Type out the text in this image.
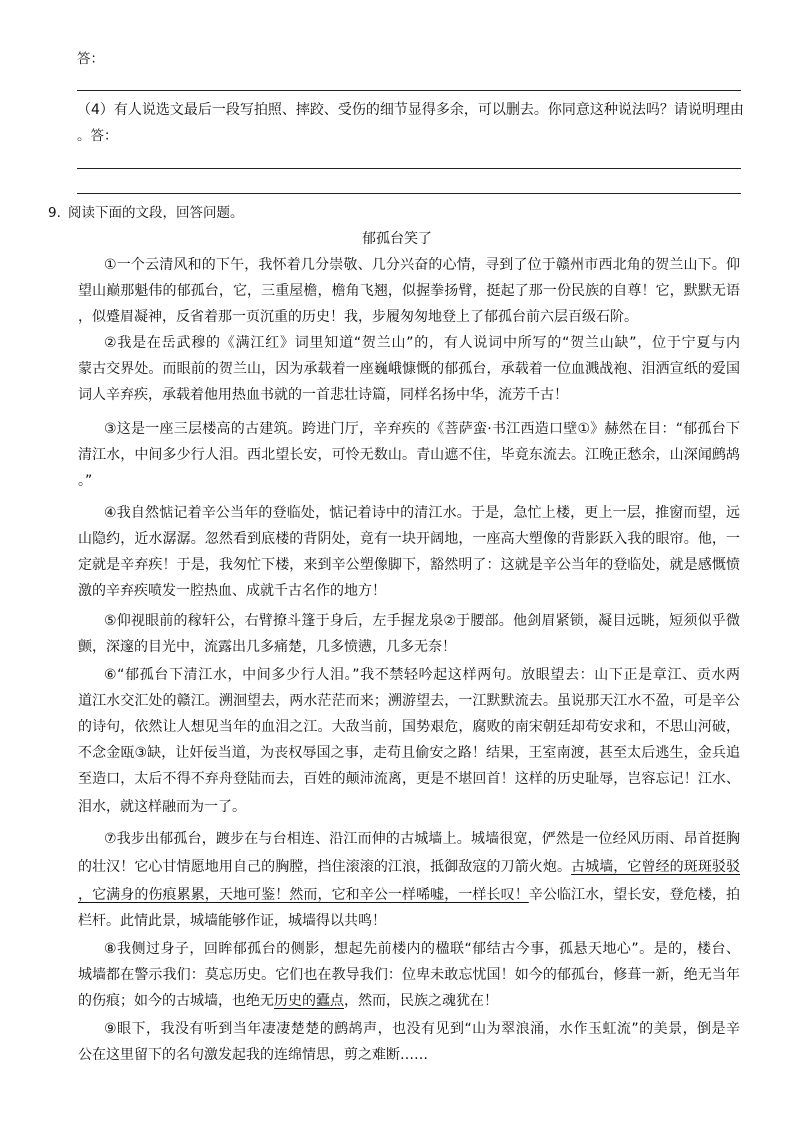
答：
（4）有人说选文最后一段写拍照、摔跤、受伤的细节显得多余，可以删去。你同意这种说法吗？请说明理由
。答：
9. 阅读下面的文段，回答问题。
郁孤台笑了
①一个云清风和的下午，我怀着几分崇敬、几分兴奋的心情，寻到了位于赣州市西北角的贺兰山下。仰
望山巅那魁伟的郁孤台，它，三重屋檐，檐角飞翘，似握拳扬臂，挺起了那一份民族的自尊！它，默默无语
，似蹙眉凝神，反省着那一页沉重的历史！我，步履匆匆地登上了郁孤台前六层百级石阶。
②我是在岳武穆的《满江红》词里知道“贺兰山”的，有人说词中所写的“贺兰山缺”，位于宁夏与内
蒙古交界处。而眼前的贺兰山，因为承载着一座巍峨慷慨的郁孤台，承载着一位血溅战袍、泪洒宣纸的爱国
词人辛弃疾，承载着他用热血书就的一首悲壮诗篇，同样名扬中华，流芳千古！
③这是一座三层楼高的古建筑。跨进门厅，辛弃疾的《菩萨蛮·书江西造口壁①》赫然在目：“郁孤台下
清江水，中间多少行人泪。西北望长安，可怜无数山。青山遮不住，毕竟东流去。江晚正愁余，山深闻鹧鸪
。”
④我自然惦记着辛公当年的登临处，惦记着诗中的清江水。于是，急忙上楼，更上一层，推窗而望，远
山隐约，近水潺潺。忽然看到底楼的背阴处，竟有一块开阔地，一座高大塑像的背影跃入我的眼帘。他，一
定就是辛弃疾！于是，我匆忙下楼，来到辛公塑像脚下，豁然明了：这就是辛公当年的登临处，就是感慨愤
激的辛弃疾喷发一腔热血、成就千古名作的地方！
⑤仰视眼前的稼轩公，右臂撩斗篷于身后，左手握龙泉②于腰部。他剑眉紧锁，凝目远眺，短须似乎微
颤，深邃的目光中，流露出几多痛楚，几多愤懑，几多无奈！
⑥“郁孤台下清江水，中间多少行人泪。”我不禁轻吟起这样两句。放眼望去：山下正是章江、贡水两
道江水交汇处的赣江。溯洄望去，两水茫茫而来；溯游望去，一江默默流去。虽说那天江水不盈，可是辛公
的诗句，依然让人想见当年的血泪之江。大敌当前，国势艰危，腐败的南宋朝廷却苟安求和，不思山河破，
不念金瓯③缺，让奸佞当道，为丧权辱国之事，走苟且偷安之路！结果，王室南渡，甚至太后逃生，金兵追
至造口，太后不得不弃舟登陆而去，百姓的颠沛流离，更是不堪回首！这样的历史耻辱，岂容忘记！江水、
泪水，就这样融而为一了。
⑦我步出郁孤台，踱步在与台相连、沿江而伸的古城墙上。城墙很宽，俨然是一位经风历雨、昂首挺胸
的壮汉！它心甘情愿地用自己的胸膛，挡住滚滚的江浪，抵御敌寇的刀箭火炮。古城墙，它曾经的斑斑驳驳
，它满身的伤痕累累，天地可鉴！然而，它和辛公一样唏嘘，一样长叹！辛公临江水，望长安，登危楼，拍
栏杆。此情此景，城墙能够作证，城墙得以共鸣！
⑧我侧过身子，回眸郁孤台的侧影，想起先前楼内的楹联“郁结古今事，孤悬天地心”。是的，楼台、
城墙都在警示我们：莫忘历史。它们也在教导我们：位卑未敢忘忧国！如今的郁孤台，修葺一新，绝无当年
的伤痕；如今的古城墙，也绝无历史的蠹点，然而，民族之魂犹在！
⑨眼下，我没有听到当年凄凄楚楚的鹧鸪声，也没有见到“山为翠浪涌，水作玉虹流”的美景，倒是辛
公在这里留下的名句激发起我的连绵情思，剪之难断……
